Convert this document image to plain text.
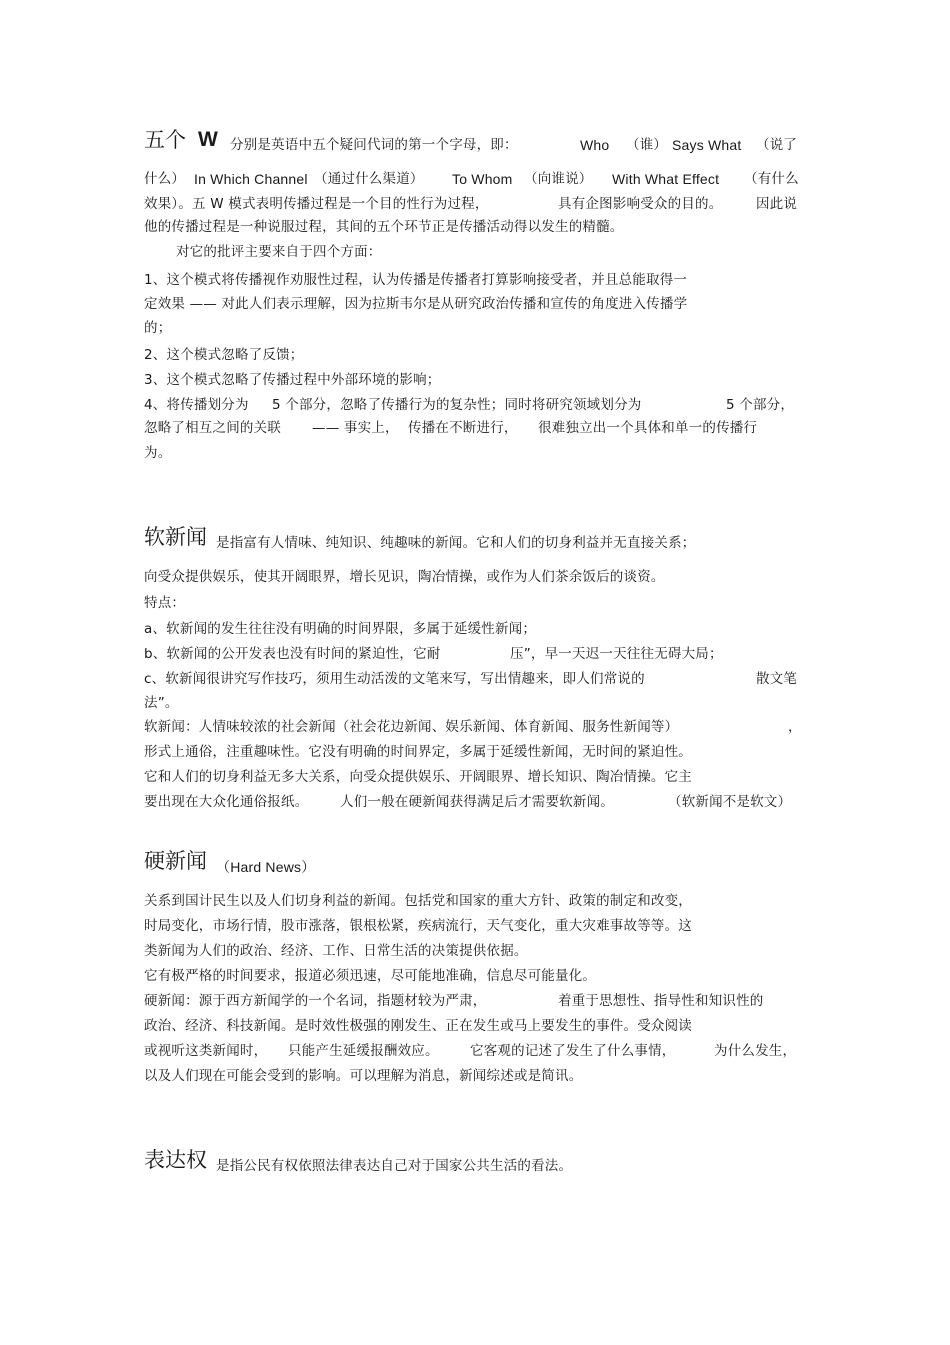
五个 W 分别是英语中五个疑问代词的第一个字母，即：	Who （谁） Says What （说了
什么） In Which Channel （通过什么渠道） To Whom （向谁说） With What Effect （有什么
效果）。五 W 模式表明传播过程是一个目的性行为过程，	具有企图影响受众的目的。 因此说
他的传播过程是一种说服过程，其间的五个环节正是传播活动得以发生的精髓。
对它的批评主要来自于四个方面：
1、这个模式将传播视作劝服性过程，认为传播是传播者打算影响接受者，并且总能取得一
定效果 —— 对此人们表示理解，因为拉斯韦尔是从研究政治传播和宣传的角度进入传播学
的；
2、这个模式忽略了反馈；
3、这个模式忽略了传播过程中外部环境的影响；
4、将传播划分为 5 个部分，忽略了传播行为的复杂性；同时将研究领域划分为	5 个部分，
忽略了相互之间的关联 —— 事实上， 传播在不断进行， 很难独立出一个具体和单一的传播行
为。
软新闻 是指富有人情味、纯知识、纯趣味的新闻。它和人们的切身利益并无直接关系；
向受众提供娱乐，使其开阔眼界，增长见识，陶冶情操，或作为人们茶余饭后的谈资。
特点：
a、软新闻的发生往往没有明确的时间界限，多属于延缓性新闻；
b、软新闻的公开发表也没有时间的紧迫性，它耐	压”，早一天迟一天往往无碍大局；
c、软新闻很讲究写作技巧，须用生动活泼的文笔来写，写出情趣来，即人们常说的	散文笔
法”。
软新闻：人情味较浓的社会新闻（社会花边新闻、娱乐新闻、体育新闻、服务性新闻等）	，
形式上通俗，注重趣味性。它没有明确的时间界定，多属于延缓性新闻，无时间的紧迫性。
它和人们的切身利益无多大关系，向受众提供娱乐、开阔眼界、增长知识、陶冶情操。它主
要出现在大众化通俗报纸。 人们一般在硬新闻获得满足后才需要软新闻。	（软新闻不是软文）
硬新闻 （Hard News）
关系到国计民生以及人们切身利益的新闻。包括党和国家的重大方针、政策的制定和改变，
时局变化，市场行情，股市涨落，银根松紧，疾病流行，天气变化，重大灾难事故等等。这
类新闻为人们的政治、经济、工作、日常生活的决策提供依据。
它有极严格的时间要求，报道必须迅速，尽可能地准确，信息尽可能量化。
硬新闻：源于西方新闻学的一个名词，指题材较为严肃，	着重于思想性、指导性和知识性的
政治、经济、科技新闻。是时效性极强的刚发生、正在发生或马上要发生的事件。受众阅读
或视听这类新闻时， 只能产生延缓报酬效应。 它客观的记述了发生了什么事情，	为什么发生，
以及人们现在可能会受到的影响。可以理解为消息，新闻综述或是简讯。
表达权 是指公民有权依照法律表达自己对于国家公共生活的看法。
